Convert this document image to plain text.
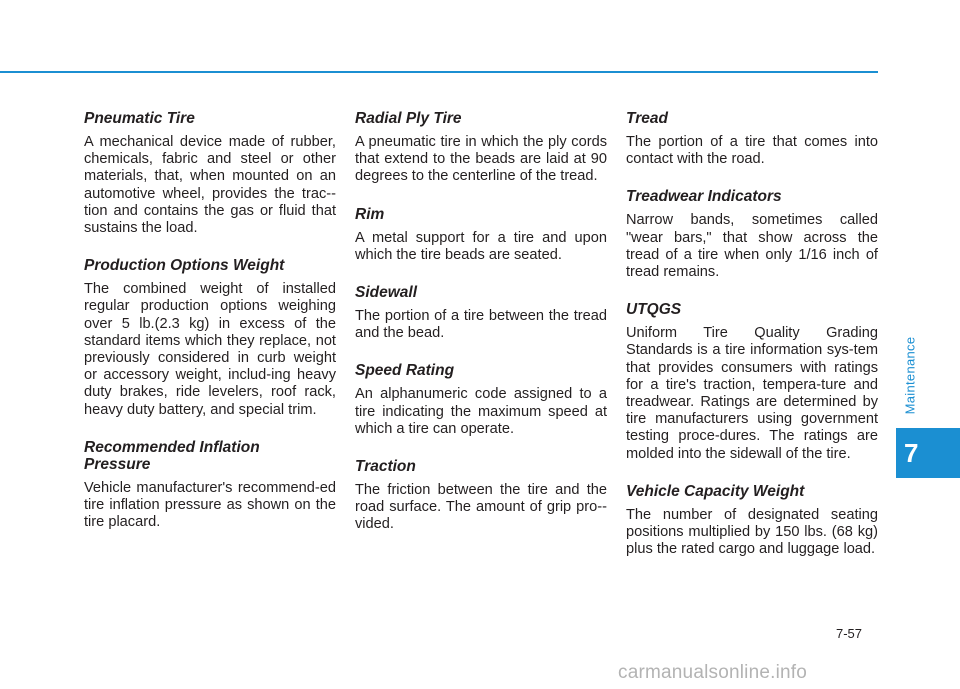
Pneumatic Tire

A mechanical device made of rubber, chemicals, fabric and steel or other materials, that, when mounted on an automotive wheel, provides the trac-tion and contains the gas or fluid that sustains the load.

Production Options Weight

The combined weight of installed regular production options weighing over 5 lb.(2.3 kg) in excess of the standard items which they replace, not previously considered in curb weight or accessory weight, includ-ing heavy duty brakes, ride levelers, roof rack, heavy duty battery, and special trim.

Recommended Inflation Pressure

Vehicle manufacturer's recommend-ed tire inflation pressure as shown on the tire placard.

Radial Ply Tire

A pneumatic tire in which the ply cords that extend to the beads are laid at 90 degrees to the centerline of the tread.

Rim

A metal support for a tire and upon which the tire beads are seated.

Sidewall

The portion of a tire between the tread and the bead.

Speed Rating

An alphanumeric code assigned to a tire indicating the maximum speed at which a tire can operate.

Traction

The friction between the tire and the road surface. The amount of grip pro-vided.

Tread

The portion of a tire that comes into contact with the road.

Treadwear Indicators

Narrow bands, sometimes called "wear bars," that show across the tread of a tire when only 1/16 inch of tread remains.

UTQGS

Uniform Tire Quality Grading Standards is a tire information sys-tem that provides consumers with ratings for a tire's traction, tempera-ture and treadwear. Ratings are determined by tire manufacturers using government testing proce-dures. The ratings are molded into the sidewall of the tire.

Vehicle Capacity Weight

The number of designated seating positions multiplied by 150 lbs. (68 kg) plus the rated cargo and luggage load.

Maintenance
7
7-57
carmanualsonline.info
